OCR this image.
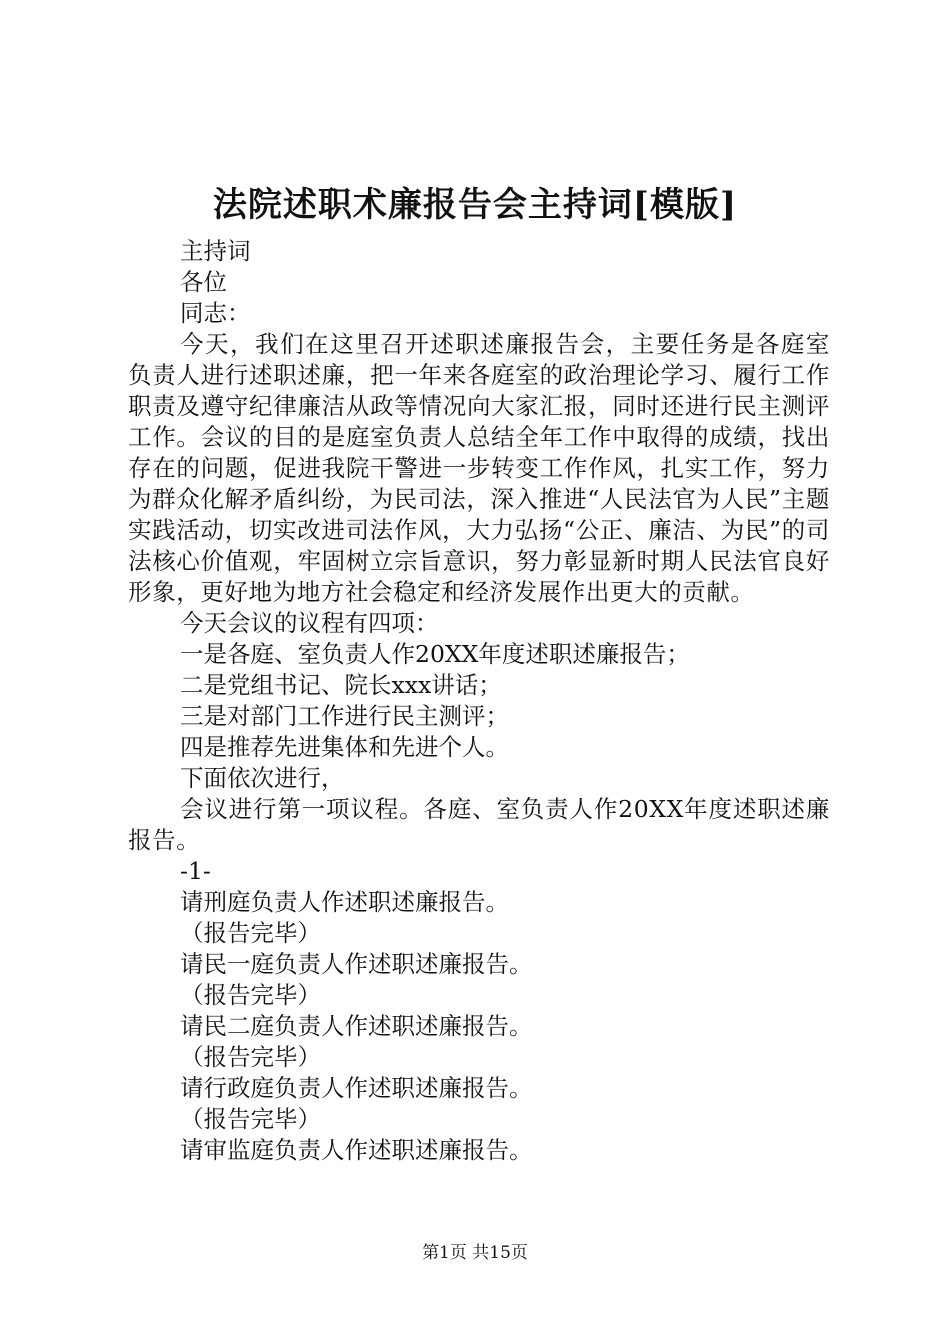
法院述职术廉报告会主持词[模版]

主持词

各位

同志：

今天，我们在这里召开述职述廉报告会，主要任务是各庭室负责人进行述职述廉，把一年来各庭室的政治理论学习、履行工作职责及遵守纪律廉洁从政等情况向大家汇报，同时还进行民主测评工作。会议的目的是庭室负责人总结全年工作中取得的成绩，找出存在的问题，促进我院干警进一步转变工作作风，扎实工作，努力为群众化解矛盾纠纷，为民司法，深入推进“人民法官为人民”主题实践活动，切实改进司法作风，大力弘扬“公正、廉洁、为民”的司法核心价值观，牢固树立宗旨意识，努力彰显新时期人民法官良好形象，更好地为地方社会稳定和经济发展作出更大的贡献。

今天会议的议程有四项：

一是各庭、室负责人作20XX年度述职述廉报告；

二是党组书记、院长xxx讲话；

三是对部门工作进行民主测评；

四是推荐先进集体和先进个人。

下面依次进行，

会议进行第一项议程。各庭、室负责人作20XX年度述职述廉报告。

-1-

请刑庭负责人作述职述廉报告。

（报告完毕）

请民一庭负责人作述职述廉报告。

（报告完毕）

请民二庭负责人作述职述廉报告。

（报告完毕）

请行政庭负责人作述职述廉报告。

（报告完毕）

请审监庭负责人作述职述廉报告。

第1页 共15页
